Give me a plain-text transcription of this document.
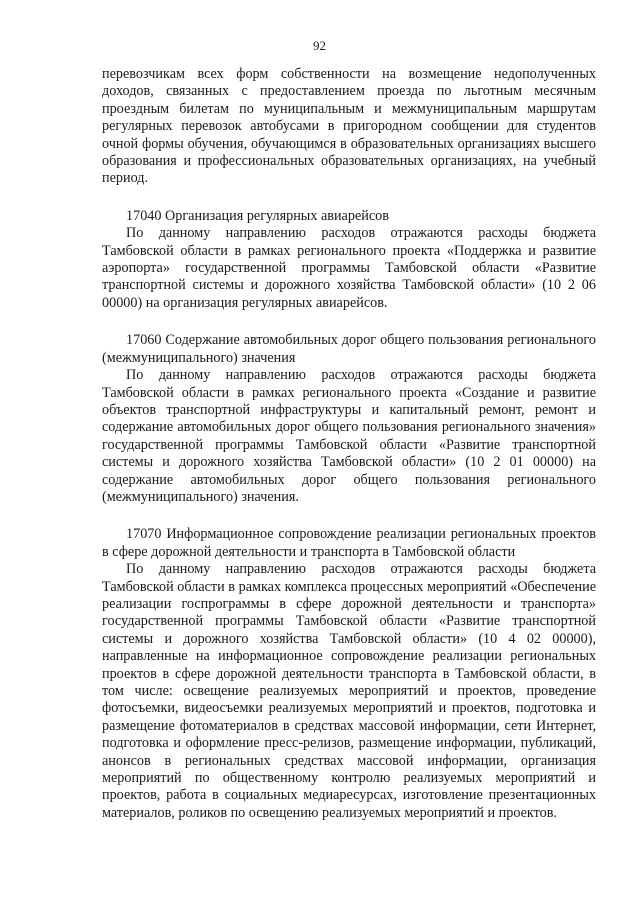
92

перевозчикам всех форм собственности на возмещение недополученных доходов, связанных с предоставлением проезда по льготным месячным проездным билетам по муниципальным и межмуниципальным маршрутам регулярных перевозок автобусами в пригородном сообщении для студентов очной формы обучения, обучающимся в образовательных организациях высшего образования и профессиональных образовательных организациях, на учебный период.

17040 Организация регулярных авиарейсов

По данному направлению расходов отражаются расходы бюджета Тамбовской области в рамках регионального проекта «Поддержка и развитие аэропорта» государственной программы Тамбовской области «Развитие транспортной системы и дорожного хозяйства Тамбовской области» (10 2 06 00000) на организация регулярных авиарейсов.

17060 Содержание автомобильных дорог общего пользования регионального (межмуниципального) значения

По данному направлению расходов отражаются расходы бюджета Тамбовской области в рамках регионального проекта «Создание и развитие объектов транспортной инфраструктуры и капитальный ремонт, ремонт и содержание автомобильных дорог общего пользования регионального значения» государственной программы Тамбовской области «Развитие транспортной системы и дорожного хозяйства Тамбовской области» (10 2 01 00000) на содержание автомобильных дорог общего пользования регионального (межмуниципального) значения.

17070 Информационное сопровождение реализации региональных проектов в сфере дорожной деятельности и транспорта в Тамбовской области

По данному направлению расходов отражаются расходы бюджета Тамбовской области в рамках комплекса процессных мероприятий «Обеспечение реализации госпрограммы в сфере дорожной деятельности и транспорта» государственной программы Тамбовской области «Развитие транспортной системы и дорожного хозяйства Тамбовской области» (10 4 02 00000), направленные на информационное сопровождение реализации региональных проектов в сфере дорожной деятельности транспорта в Тамбовской области, в том числе: освещение реализуемых мероприятий и проектов, проведение фотосъемки, видеосъемки реализуемых мероприятий и проектов, подготовка и размещение фотоматериалов в средствах массовой информации, сети Интернет, подготовка и оформление пресс-релизов, размещение информации, публикаций, анонсов в региональных средствах массовой информации, организация мероприятий по общественному контролю реализуемых мероприятий и проектов, работа в социальных медиаресурсах, изготовление презентационных материалов, роликов по освещению реализуемых мероприятий и проектов.
